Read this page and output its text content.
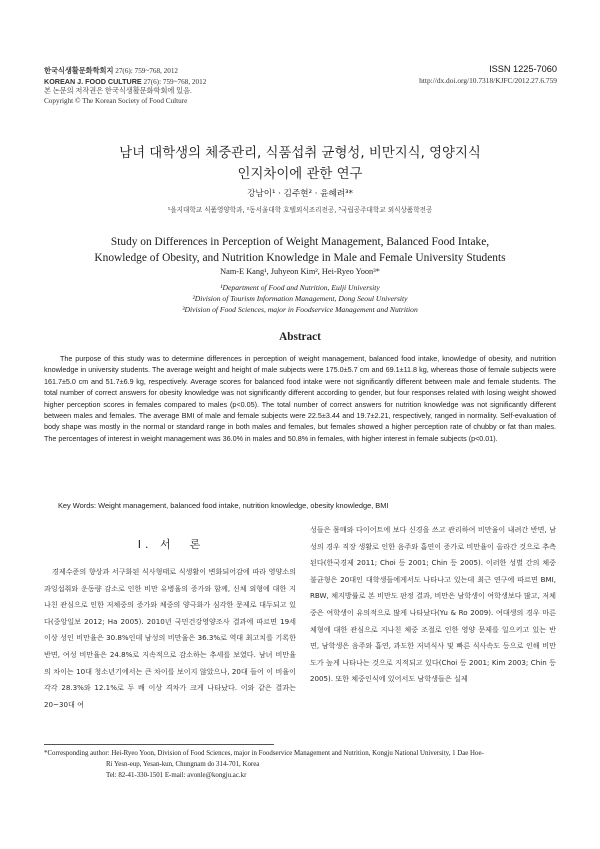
한국식생활문화학회지 27(6): 759~768, 2012
KOREAN J. FOOD CULTURE 27(6): 759~768, 2012
본 논문의 저작권은 한국식생활문화학회에 있음.
Copyright © The Korean Society of Food Culture
ISSN 1225-7060
http://dx.doi.org/10.7318/KJFC/2012.27.6.759
남녀 대학생의 체중관리, 식품섭취 균형성, 비만지식, 영양지식
인지차이에 관한 연구
강남이¹ · 김주현² · 윤혜려³*
¹을지대학교 식품영양학과, ²동서울대학 호텔외식조리전공, ³국립공주대학교 외식상품학전공
Study on Differences in Perception of Weight Management, Balanced Food Intake,
Knowledge of Obesity, and Nutrition Knowledge in Male and Female University Students
Nam-E Kang¹, Juhyeon Kim², Hei-Ryeo Yoon³*
¹Department of Food and Nutrition, Eulji University
²Division of Tourism Information Management, Dong Seoul University
³Division of Food Sciences, major in Foodservice Management and Nutrition
Abstract
The purpose of this study was to determine differences in perception of weight management, balanced food intake, knowledge of obesity, and nutrition knowledge in university students. The average weight and height of male subjects were 175.0±5.7 cm and 69.1±11.8 kg, whereas those of female subjects were 161.7±5.0 cm and 51.7±6.9 kg, respectively. Average scores for balanced food intake were not significantly different between male and female students. The total number of correct answers for obesity knowledge was not significantly different according to gender, but four responses related with losing weight showed higher perception scores in females compared to males (p<0.05). The total number of correct answers for nutrition knowledge was not significantly different between males and females. The average BMI of male and female subjects were 22.5±3.44 and 19.7±2.21, respectively, ranged in normality. Self-evaluation of body shape was mostly in the normal or standard range in both males and females, but females showed a higher perception rate of chubby or fat than males. The percentages of interest in weight management was 36.0% in males and 50.8% in females, with higher interest in female subjects (p<0.01).
Key Words: Weight management, balanced food intake, nutrition knowledge, obesity knowledge, BMI
Ⅰ. 서　론

경제수준의 향상과 서구화된 식사형태로 식생활이 변화되어감에 따라 영양소의 과잉섭취와 운동량 감소로 인한 비만 유병율의 증가와 함께, 신체 외형에 대한 지나친 관심으로 인한 저체중의 증가와 체중의 양극화가 심각한 문제로 대두되고 있다(중앙일보 2012; Ha 2005). 2010년 국민건강영양조사 결과에 따르면 19세 이상 성인 비만율은 30.8%인데 남성의 비만율은 36.3%로 역대 최고치를 기록한 반면, 여성 비만율은 24.8%로 지속적으로 감소하는 추세를 보였다. 남녀 비만율의 차이는 10대 청소년기에서는 큰 차이를 보이지 않았으나, 20대 들어 이 비율이 각각 28.3%와 12.1%로 두 배 이상 격차가 크게 나타났다. 이와 같은 결과는 20~30대 여

성들은 몸매와 다이어트에 보다 신경을 쓰고 관리하여 비만율이 내려간 반면, 남성의 경우 직장 생활로 인한 음주와 흡연이 증가로 비만율이 올라간 것으로 추측된다(한국경제 2011; Choi 등 2001; Chin 등 2005). 이러한 성별 간의 체중 불균형은 20대인 대학생들에게서도 나타나고 있는데 최근 연구에 따르면 BMI, RBW, 체지방률로 본 비만도 판정 결과, 비만은 남학생이 여학생보다 많고, 저체중은 여학생이 유의적으로 많게 나타났다(Yu & Ro 2009). 여대생의 경우 마른 체형에 대한 관심으로 지나친 체중 조절로 인한 영양 문제를 일으키고 있는 반면, 남학생은 음주와 흡연, 과도한 저녁식사 및 빠른 식사속도 등으로 인해 비만도가 높게 나타나는 것으로 지적되고 있다(Choi 등 2001; Kim 2003; Chin 등 2005). 또한 체중인식에 있어서도 남학생들은 실제

*Corresponding author: Hei-Ryeo Yoon, Division of Food Sciences, major in Foodservice Management and Nutrition, Kongju National University, 1 Dae Hoe-
Ri Yesn-eup, Yesan-kun, Chungnam do 314-701, Korea
Tel: 82-41-330-1501 E-mail: avonle@kongju.ac.kr
